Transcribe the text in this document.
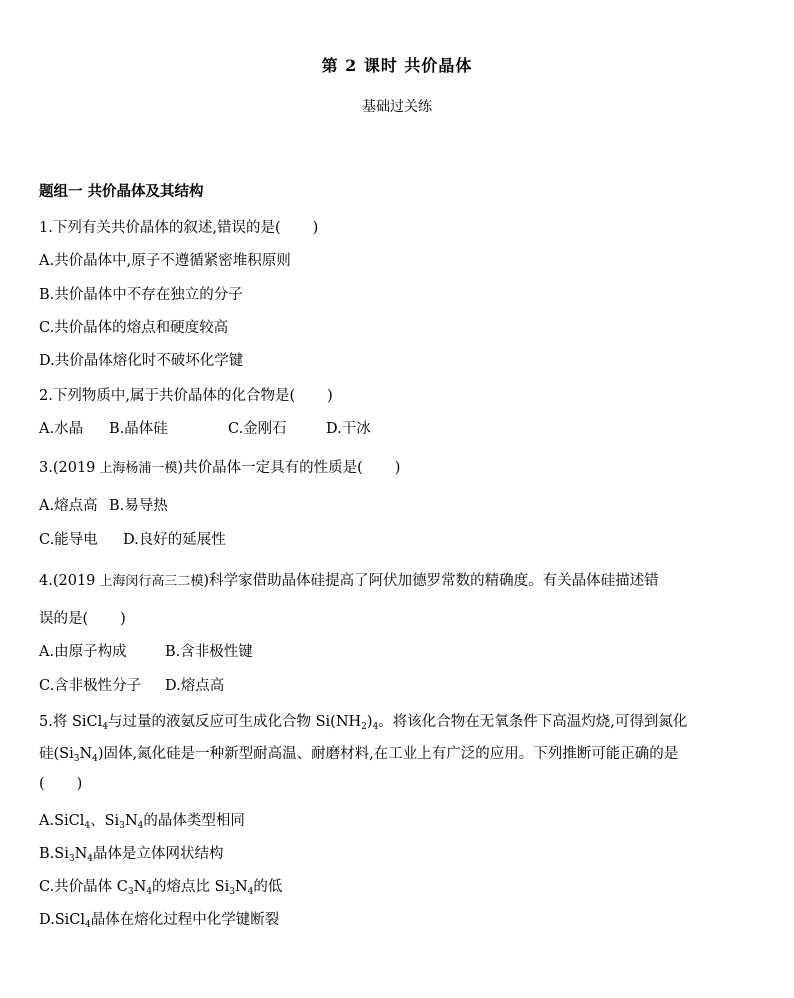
第 2 课时 共价晶体
基础过关练
题组一 共价晶体及其结构
1.下列有关共价晶体的叙述,错误的是( )
A.共价晶体中,原子不遵循紧密堆积原则
B.共价晶体中不存在独立的分子
C.共价晶体的熔点和硬度较高
D.共价晶体熔化时不破坏化学键
2.下列物质中,属于共价晶体的化合物是( )
A.水晶 B.晶体硅	C.金刚石	D.干冰
3.(2019 上海杨浦一模)共价晶体一定具有的性质是( )
A.熔点高 B.易导热
C.能导电 D.良好的延展性
4.(2019 上海闵行高三二模)科学家借助晶体硅提高了阿伏加德罗常数的精确度。有关晶体硅描述错
误的是( )
A.由原子构成	B.含非极性键
C.含非极性分子 D.熔点高
5.将 SiCl$_4$与过量的液氨反应可生成化合物 $Si(NH_2)_4$。将该化合物在无氧条件下高温灼烧,可得到氮化
硅$(Si_3N_4)$固体,氮化硅是一种新型耐高温、耐磨材料,在工业上有广泛的应用。下列推断可能正确的是
( )
A.SiCl$_4$、$Si_3N_4$的晶体类型相同
$B.Si_3N_4$晶体是立体网状结构
C.共价晶体 $C_3N_4$的熔点比 $Si_3N_4$的低
D.SiCl$_4$晶体在熔化过程中化学键断裂
